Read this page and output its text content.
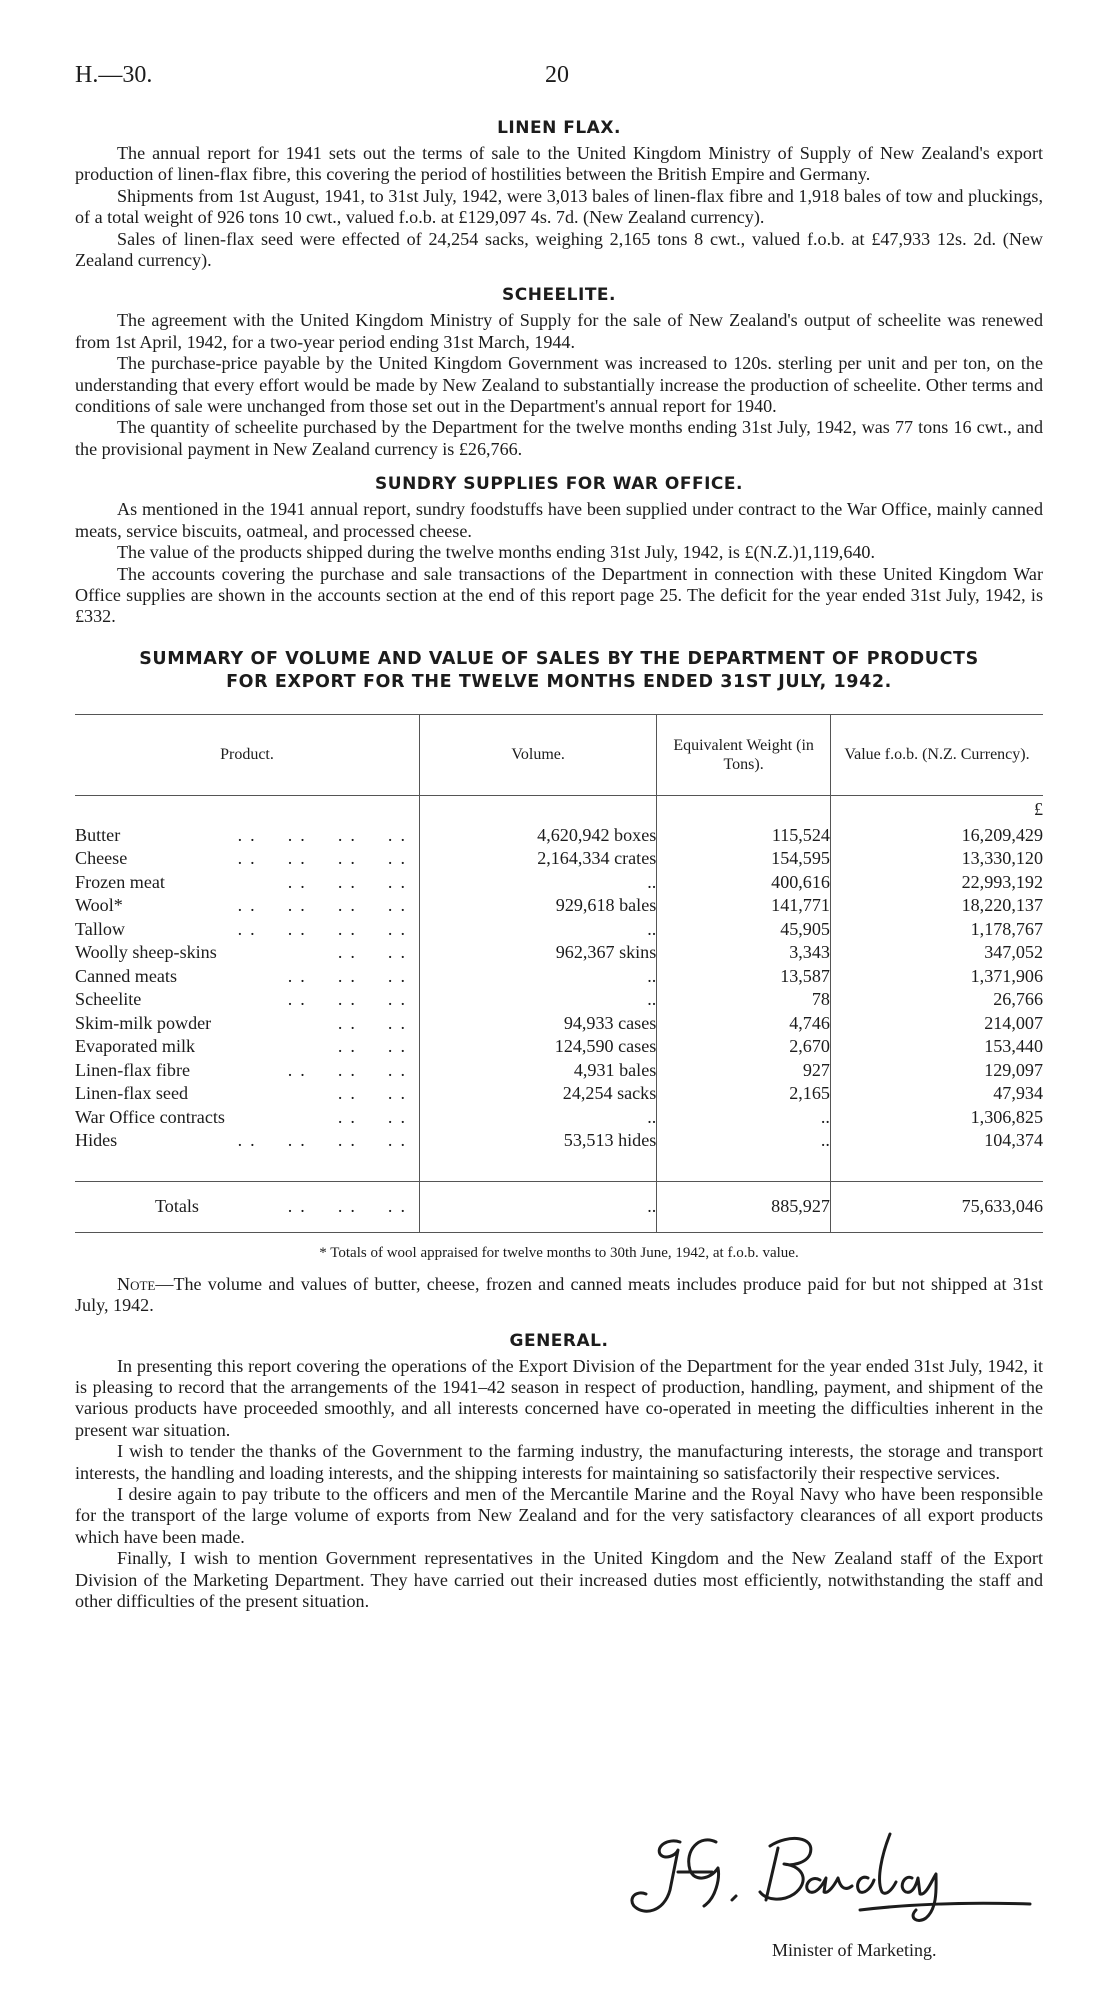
H.—30.	20
LINEN FLAX.

The annual report for 1941 sets out the terms of sale to the United Kingdom Ministry of Supply of New Zealand's export production of linen-flax fibre, this covering the period of hostilities between the British Empire and Germany.

Shipments from 1st August, 1941, to 31st July, 1942, were 3,013 bales of linen-flax fibre and 1,918 bales of tow and pluckings, of a total weight of 926 tons 10 cwt., valued f.o.b. at £129,097 4s. 7d. (New Zealand currency).

Sales of linen-flax seed were effected of 24,254 sacks, weighing 2,165 tons 8 cwt., valued f.o.b. at £47,933 12s. 2d. (New Zealand currency).

SCHEELITE.

The agreement with the United Kingdom Ministry of Supply for the sale of New Zealand's output of scheelite was renewed from 1st April, 1942, for a two-year period ending 31st March, 1944.

The purchase-price payable by the United Kingdom Government was increased to 120s. sterling per unit and per ton, on the understanding that every effort would be made by New Zealand to substantially increase the production of scheelite. Other terms and conditions of sale were unchanged from those set out in the Department's annual report for 1940.

The quantity of scheelite purchased by the Department for the twelve months ending 31st July, 1942, was 77 tons 16 cwt., and the provisional payment in New Zealand currency is £26,766.

SUNDRY SUPPLIES FOR WAR OFFICE.

As mentioned in the 1941 annual report, sundry foodstuffs have been supplied under contract to the War Office, mainly canned meats, service biscuits, oatmeal, and processed cheese.

The value of the products shipped during the twelve months ending 31st July, 1942, is £(N.Z.)1,119,640.

The accounts covering the purchase and sale transactions of the Department in connection with these United Kingdom War Office supplies are shown in the accounts section at the end of this report page 25. The deficit for the year ended 31st July, 1942, is £332.

SUMMARY OF VOLUME AND VALUE OF SALES BY THE DEPARTMENT OF PRODUCTS
FOR EXPORT FOR THE TWELVE MONTHS ENDED 31ST JULY, 1942.
Product.	Volume.	Equivalent Weight (in Tons).	Value f.o.b. (N.Z. Currency).
			£
Butter ..  ..  ..  ..	4,620,942 boxes	115,524	16,209,429
Cheese ..  ..  ..  ..	2,164,334 crates	154,595	13,330,120
Frozen meat ..  ..  ..	..	400,616	22,993,192
Wool* ..  ..  ..  ..	929,618 bales	141,771	18,220,137
Tallow ..  ..  ..  ..	..	45,905	1,178,767
Woolly sheep-skins ..  ..	962,367 skins	3,343	347,052
Canned meats ..  ..  ..	..	13,587	1,371,906
Scheelite ..  ..  ..	..	78	26,766
Skim-milk powder ..  ..	94,933 cases	4,746	214,007
Evaporated milk ..  ..	124,590 cases	2,670	153,440
Linen-flax fibre ..  ..  ..	4,931 bales	927	129,097
Linen-flax seed ..  ..	24,254 sacks	2,165	47,934
War Office contracts ..  ..	..	..	1,306,825
Hides ..  ..  ..  ..	53,513 hides	..	104,374

Totals ..  ..  ..	..	885,927	75,633,046
* Totals of wool appraised for twelve months to 30th June, 1942, at f.o.b. value.

Note—The volume and values of butter, cheese, frozen and canned meats includes produce paid for but not shipped at 31st July, 1942.

GENERAL.

In presenting this report covering the operations of the Export Division of the Department for the year ended 31st July, 1942, it is pleasing to record that the arrangements of the 1941–42 season in respect of production, handling, payment, and shipment of the various products have proceeded smoothly, and all interests concerned have co-operated in meeting the difficulties inherent in the present war situation.

I wish to tender the thanks of the Government to the farming industry, the manufacturing interests, the storage and transport interests, the handling and loading interests, and the shipping interests for maintaining so satisfactorily their respective services.

I desire again to pay tribute to the officers and men of the Mercantile Marine and the Royal Navy who have been responsible for the transport of the large volume of exports from New Zealand and for the very satisfactory clearances of all export products which have been made.

Finally, I wish to mention Government representatives in the United Kingdom and the New Zealand staff of the Export Division of the Marketing Department. They have carried out their increased duties most efficiently, notwithstanding the staff and other difficulties of the present situation.

Minister of Marketing.
